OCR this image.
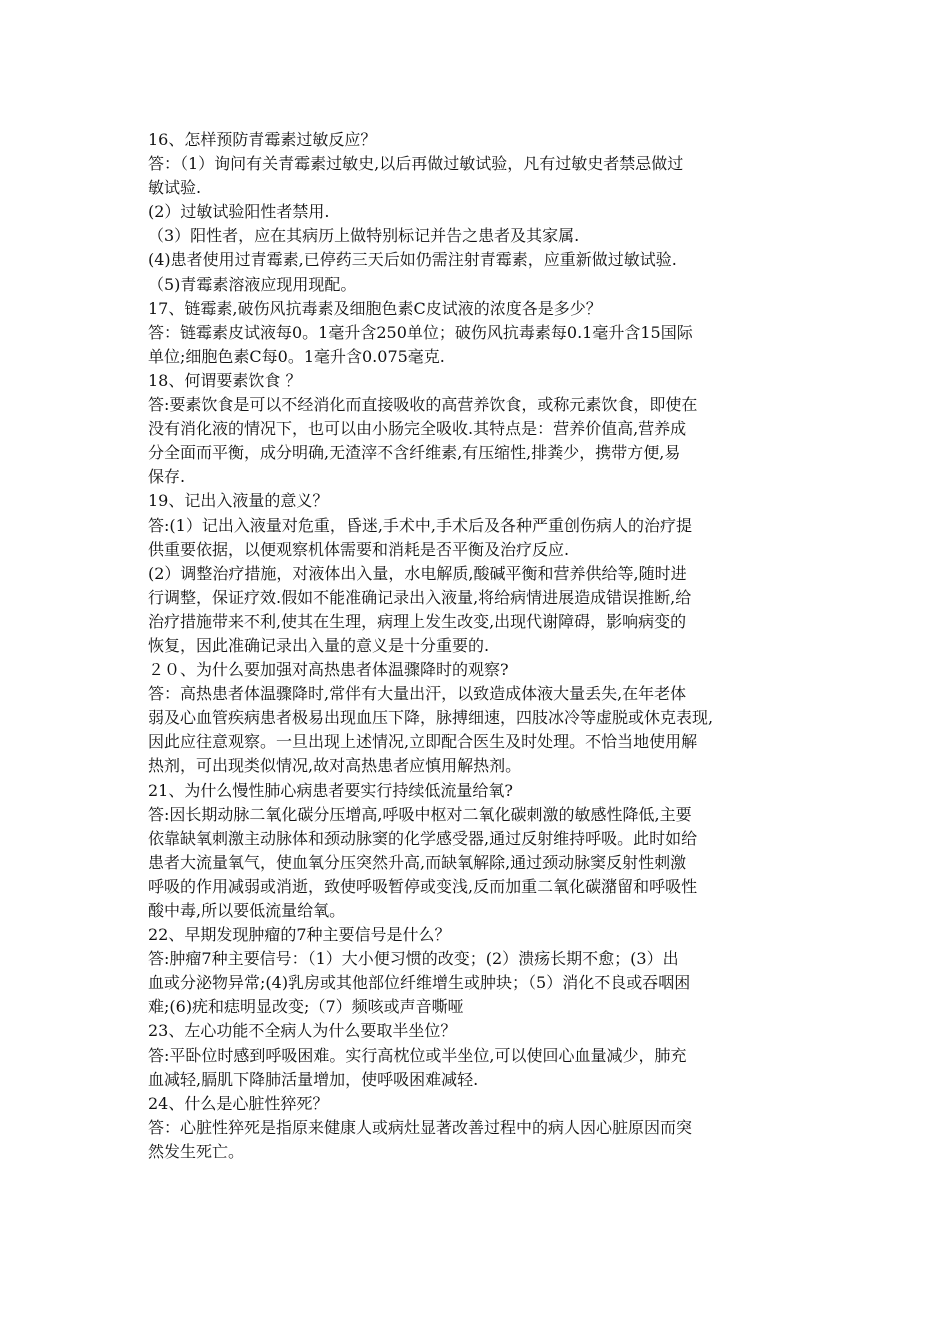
16、怎样预防青霉素过敏反应？
答：（1）询问有关青霉素过敏史,以后再做过敏试验，凡有过敏史者禁忌做过
敏试验.
(2）过敏试验阳性者禁用.
（3）阳性者，应在其病历上做特别标记并告之患者及其家属.
(4)患者使用过青霉素,已停药三天后如仍需注射青霉素，应重新做过敏试验.
（5)青霉素溶液应现用现配。
17、链霉素,破伤风抗毒素及细胞色素C皮试液的浓度各是多少？
答：链霉素皮试液每0。1毫升含250单位；破伤风抗毒素每0.1毫升含15国际
单位;细胞色素C每0。1毫升含0.075毫克.
18、何谓要素饮食 ？
答:要素饮食是可以不经消化而直接吸收的高营养饮食，或称元素饮食，即使在
没有消化液的情况下，也可以由小肠完全吸收.其特点是：营养价值高,营养成
分全面而平衡，成分明确,无渣滓不含纤维素,有压缩性,排粪少，携带方便,易
保存.
19、记出入液量的意义？
答:(1）记出入液量对危重，昏迷,手术中,手术后及各种严重创伤病人的治疗提
供重要依据，以便观察机体需要和消耗是否平衡及治疗反应.
(2）调整治疗措施，对液体出入量，水电解质,酸碱平衡和营养供给等,随时进
行调整，保证疗效.假如不能准确记录出入液量,将给病情进展造成错误推断,给
治疗措施带来不利,使其在生理，病理上发生改变,出现代谢障碍，影响病变的
恢复，因此准确记录出入量的意义是十分重要的.
２０、为什么要加强对高热患者体温骤降时的观察?
答：高热患者体温骤降时,常伴有大量出汗，以致造成体液大量丢失,在年老体
弱及心血管疾病患者极易出现血压下降，脉搏细速，四肢冰冷等虚脱或休克表现,
因此应往意观察。一旦出现上述情况,立即配合医生及时处理。不恰当地使用解
热剂，可出现类似情况,故对高热患者应慎用解热剂。
21、为什么慢性肺心病患者要实行持续低流量给氧?
答:因长期动脉二氧化碳分压增高,呼吸中枢对二氧化碳刺激的敏感性降低,主要
依靠缺氧刺激主动脉体和颈动脉窦的化学感受器,通过反射维持呼吸。此时如给
患者大流量氧气，使血氧分压突然升高,而缺氧解除,通过颈动脉窦反射性刺激
呼吸的作用减弱或消逝，致使呼吸暂停或变浅,反而加重二氧化碳潴留和呼吸性
酸中毒,所以要低流量给氧。
22、早期发现肿瘤的7种主要信号是什么？
答:肿瘤7种主要信号：（1）大小便习惯的改变；(2）溃疡长期不愈；(3）出
血或分泌物异常;(4)乳房或其他部位纤维增生或肿块；（5）消化不良或吞咽困
难;(6)疣和痣明显改变;（7）频咳或声音嘶哑
23、左心功能不全病人为什么要取半坐位？
答:平卧位时感到呼吸困难。实行高枕位或半坐位,可以使回心血量减少，肺充
血减轻,膈肌下降肺活量增加，使呼吸困难减轻.
24、什么是心脏性猝死？
答：心脏性猝死是指原来健康人或病灶显著改善过程中的病人因心脏原因而突
然发生死亡。
